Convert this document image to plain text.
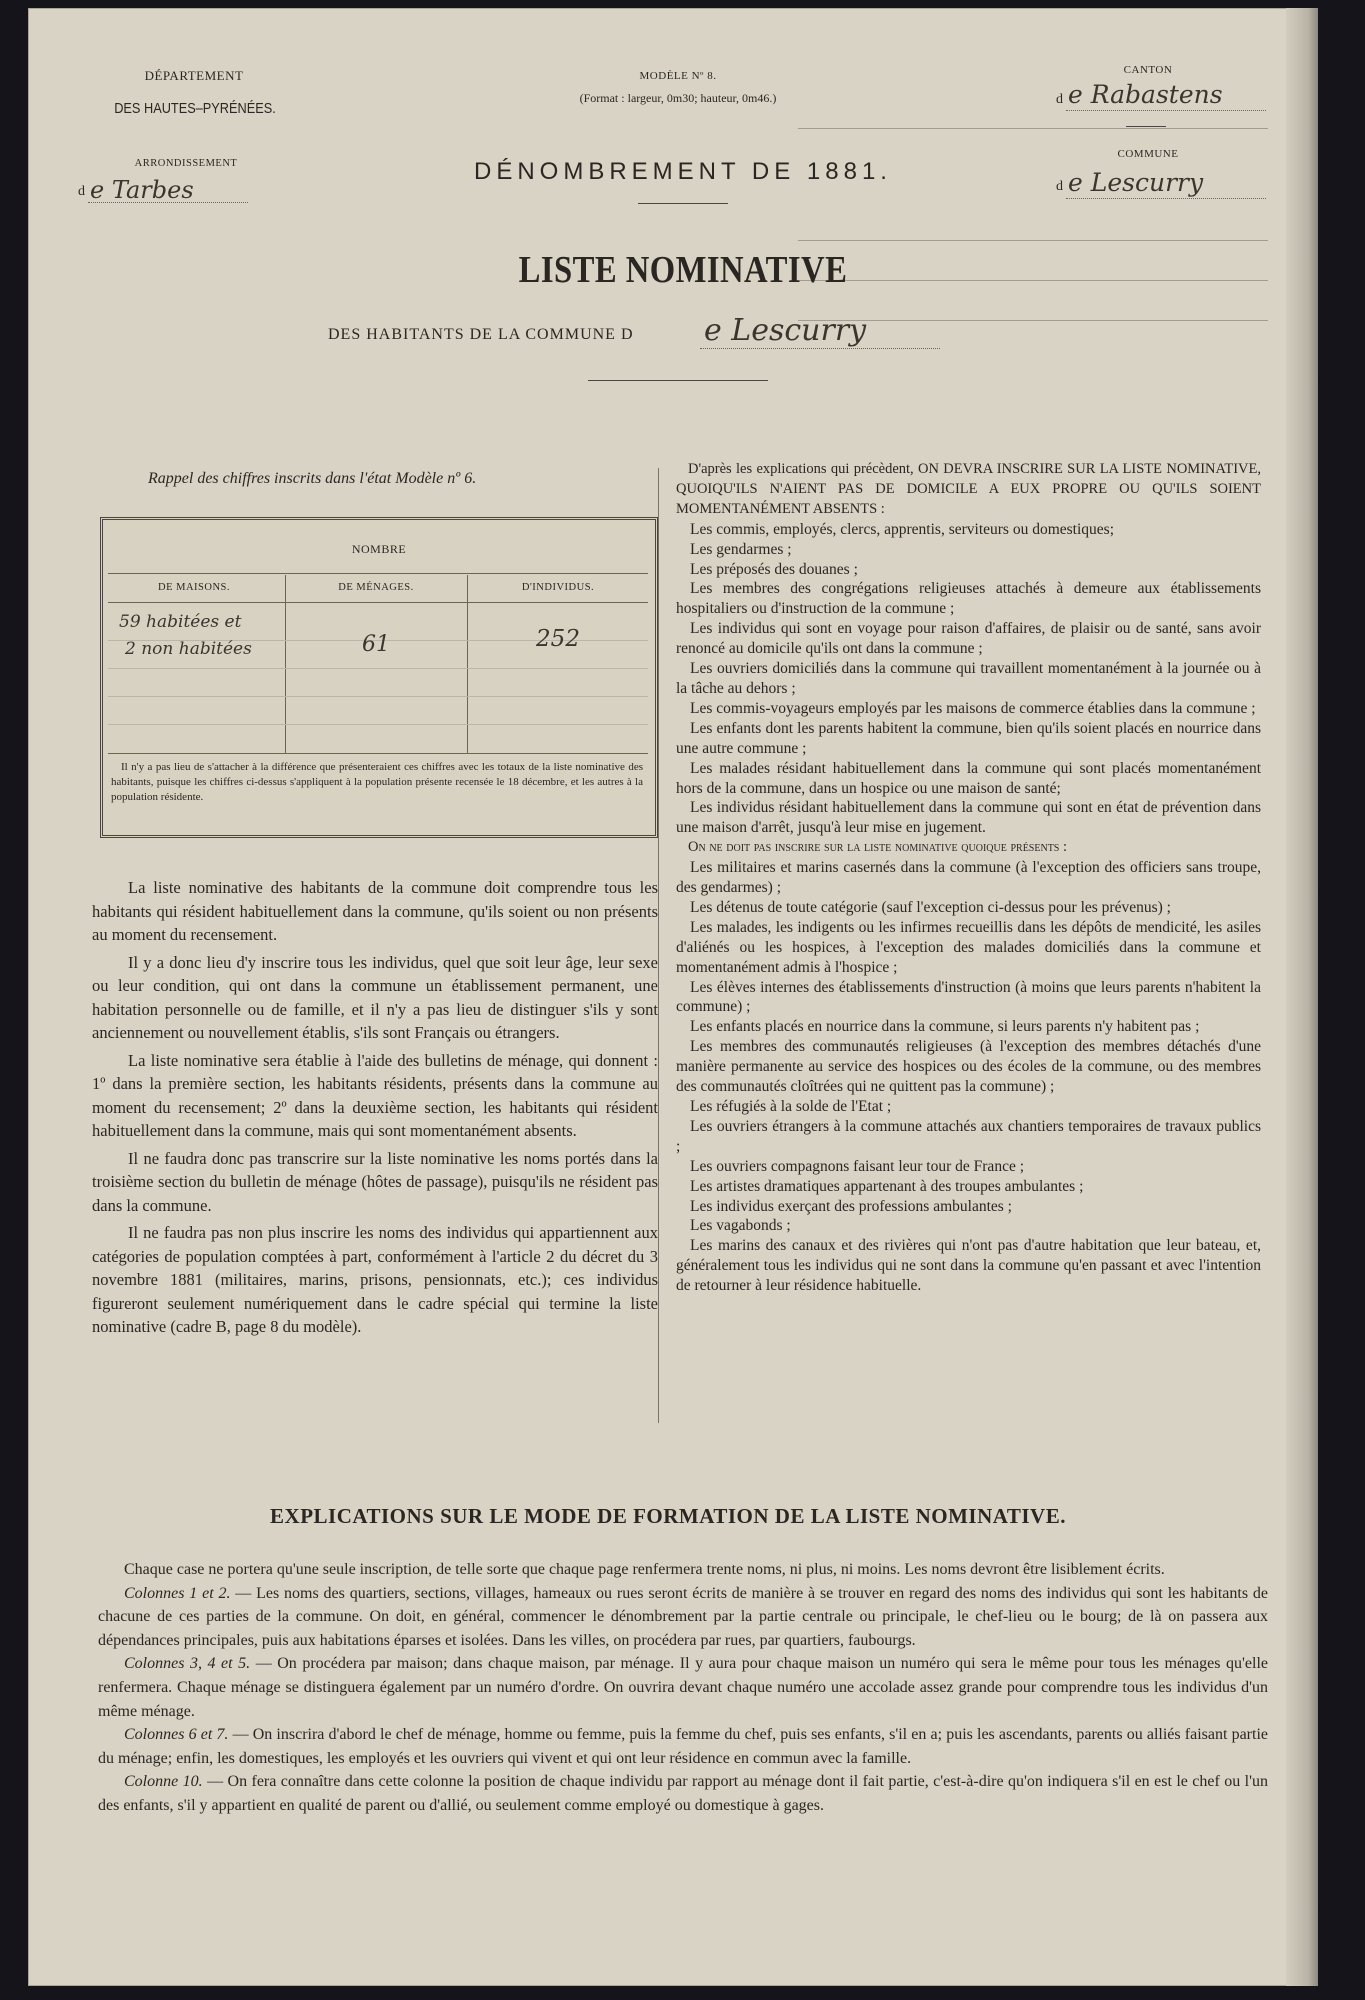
DÉPARTEMENT
DES HAUTES–PYRÉNÉES.
ARRONDISSEMENT
d e Tarbes
MODÈLE Nº 8.
(Format : largeur, 0m30; hauteur, 0m46.)
DÉNOMBREMENT DE 1881.
CANTON
d e Rabastens
COMMUNE
d e Lescurry
LISTE NOMINATIVE
DES HABITANTS DE LA COMMUNE D e Lescurry
Rappel des chiffres inscrits dans l'état Modèle nº 6.
NOMBRE
DE MAISONS.	DE MÉNAGES.	D'INDIVIDUS.
59 habitées et
2 non habitées	61	252
Il n'y a pas lieu de s'attacher à la différence que présenteraient ces chiffres avec les totaux de la liste nominative des habitants, puisque les chiffres ci-dessus s'appliquent à la population présente recensée le 18 décembre, et les autres à la population résidente.

La liste nominative des habitants de la commune doit comprendre tous les habitants qui résident habituellement dans la commune, qu'ils soient ou non présents au moment du recensement.

Il y a donc lieu d'y inscrire tous les individus, quel que soit leur âge, leur sexe ou leur condition, qui ont dans la commune un établissement permanent, une habitation personnelle ou de famille, et il n'y a pas lieu de distinguer s'ils y sont anciennement ou nouvellement établis, s'ils sont Français ou étrangers.

La liste nominative sera établie à l'aide des bulletins de ménage, qui donnent : 1º dans la première section, les habitants résidents, présents dans la commune au moment du recensement; 2º dans la deuxième section, les habitants qui résident habituellement dans la commune, mais qui sont momentanément absents.

Il ne faudra donc pas transcrire sur la liste nominative les noms portés dans la troisième section du bulletin de ménage (hôtes de passage), puisqu'ils ne résident pas dans la commune.

Il ne faudra pas non plus inscrire les noms des individus qui appartiennent aux catégories de population comptées à part, conformément à l'article 2 du décret du 3 novembre 1881 (militaires, marins, prisons, pensionnats, etc.); ces individus figureront seulement numériquement dans le cadre spécial qui termine la liste nominative (cadre B, page 8 du modèle).

D'après les explications qui précèdent, ON DEVRA INSCRIRE SUR LA LISTE NOMINATIVE, QUOIQU'ILS N'AIENT PAS DE DOMICILE A EUX PROPRE OU QU'ILS SOIENT MOMENTANÉMENT ABSENTS :

Les commis, employés, clercs, apprentis, serviteurs ou domestiques;

Les gendarmes ;

Les préposés des douanes ;

Les membres des congrégations religieuses attachés à demeure aux établissements hospitaliers ou d'instruction de la commune ;

Les individus qui sont en voyage pour raison d'affaires, de plaisir ou de santé, sans avoir renoncé au domicile qu'ils ont dans la commune ;

Les ouvriers domiciliés dans la commune qui travaillent momentanément à la journée ou à la tâche au dehors ;

Les commis-voyageurs employés par les maisons de commerce établies dans la commune ;

Les enfants dont les parents habitent la commune, bien qu'ils soient placés en nourrice dans une autre commune ;

Les malades résidant habituellement dans la commune qui sont placés momentanément hors de la commune, dans un hospice ou une maison de santé;

Les individus résidant habituellement dans la commune qui sont en état de prévention dans une maison d'arrêt, jusqu'à leur mise en jugement.

On ne doit pas inscrire sur la liste nominative quoique présents :

Les militaires et marins casernés dans la commune (à l'exception des officiers sans troupe, des gendarmes) ;

Les détenus de toute catégorie (sauf l'exception ci-dessus pour les prévenus) ;

Les malades, les indigents ou les infirmes recueillis dans les dépôts de mendicité, les asiles d'aliénés ou les hospices, à l'exception des malades domiciliés dans la commune et momentanément admis à l'hospice ;

Les élèves internes des établissements d'instruction (à moins que leurs parents n'habitent la commune) ;

Les enfants placés en nourrice dans la commune, si leurs parents n'y habitent pas ;

Les membres des communautés religieuses (à l'exception des membres détachés d'une manière permanente au service des hospices ou des écoles de la commune, ou des membres des communautés cloîtrées qui ne quittent pas la commune) ;

Les réfugiés à la solde de l'Etat ;

Les ouvriers étrangers à la commune attachés aux chantiers temporaires de travaux publics ;

Les ouvriers compagnons faisant leur tour de France ;

Les artistes dramatiques appartenant à des troupes ambulantes ;

Les individus exerçant des professions ambulantes ;

Les vagabonds ;

Les marins des canaux et des rivières qui n'ont pas d'autre habitation que leur bateau, et, généralement tous les individus qui ne sont dans la commune qu'en passant et avec l'intention de retourner à leur résidence habituelle.

EXPLICATIONS SUR LE MODE DE FORMATION DE LA LISTE NOMINATIVE.

Chaque case ne portera qu'une seule inscription, de telle sorte que chaque page renfermera trente noms, ni plus, ni moins. Les noms devront être lisiblement écrits.

Colonnes 1 et 2. — Les noms des quartiers, sections, villages, hameaux ou rues seront écrits de manière à se trouver en regard des noms des individus qui sont les habitants de chacune de ces parties de la commune. On doit, en général, commencer le dénombrement par la partie centrale ou principale, le chef-lieu ou le bourg; de là on passera aux dépendances principales, puis aux habitations éparses et isolées. Dans les villes, on procédera par rues, par quartiers, faubourgs.

Colonnes 3, 4 et 5. — On procédera par maison; dans chaque maison, par ménage. Il y aura pour chaque maison un numéro qui sera le même pour tous les ménages qu'elle renfermera. Chaque ménage se distinguera également par un numéro d'ordre. On ouvrira devant chaque numéro une accolade assez grande pour comprendre tous les individus d'un même ménage.

Colonnes 6 et 7. — On inscrira d'abord le chef de ménage, homme ou femme, puis la femme du chef, puis ses enfants, s'il en a; puis les ascendants, parents ou alliés faisant partie du ménage; enfin, les domestiques, les employés et les ouvriers qui vivent et qui ont leur résidence en commun avec la famille.

Colonne 10. — On fera connaître dans cette colonne la position de chaque individu par rapport au ménage dont il fait partie, c'est-à-dire qu'on indiquera s'il en est le chef ou l'un des enfants, s'il y appartient en qualité de parent ou d'allié, ou seulement comme employé ou domestique à gages.
